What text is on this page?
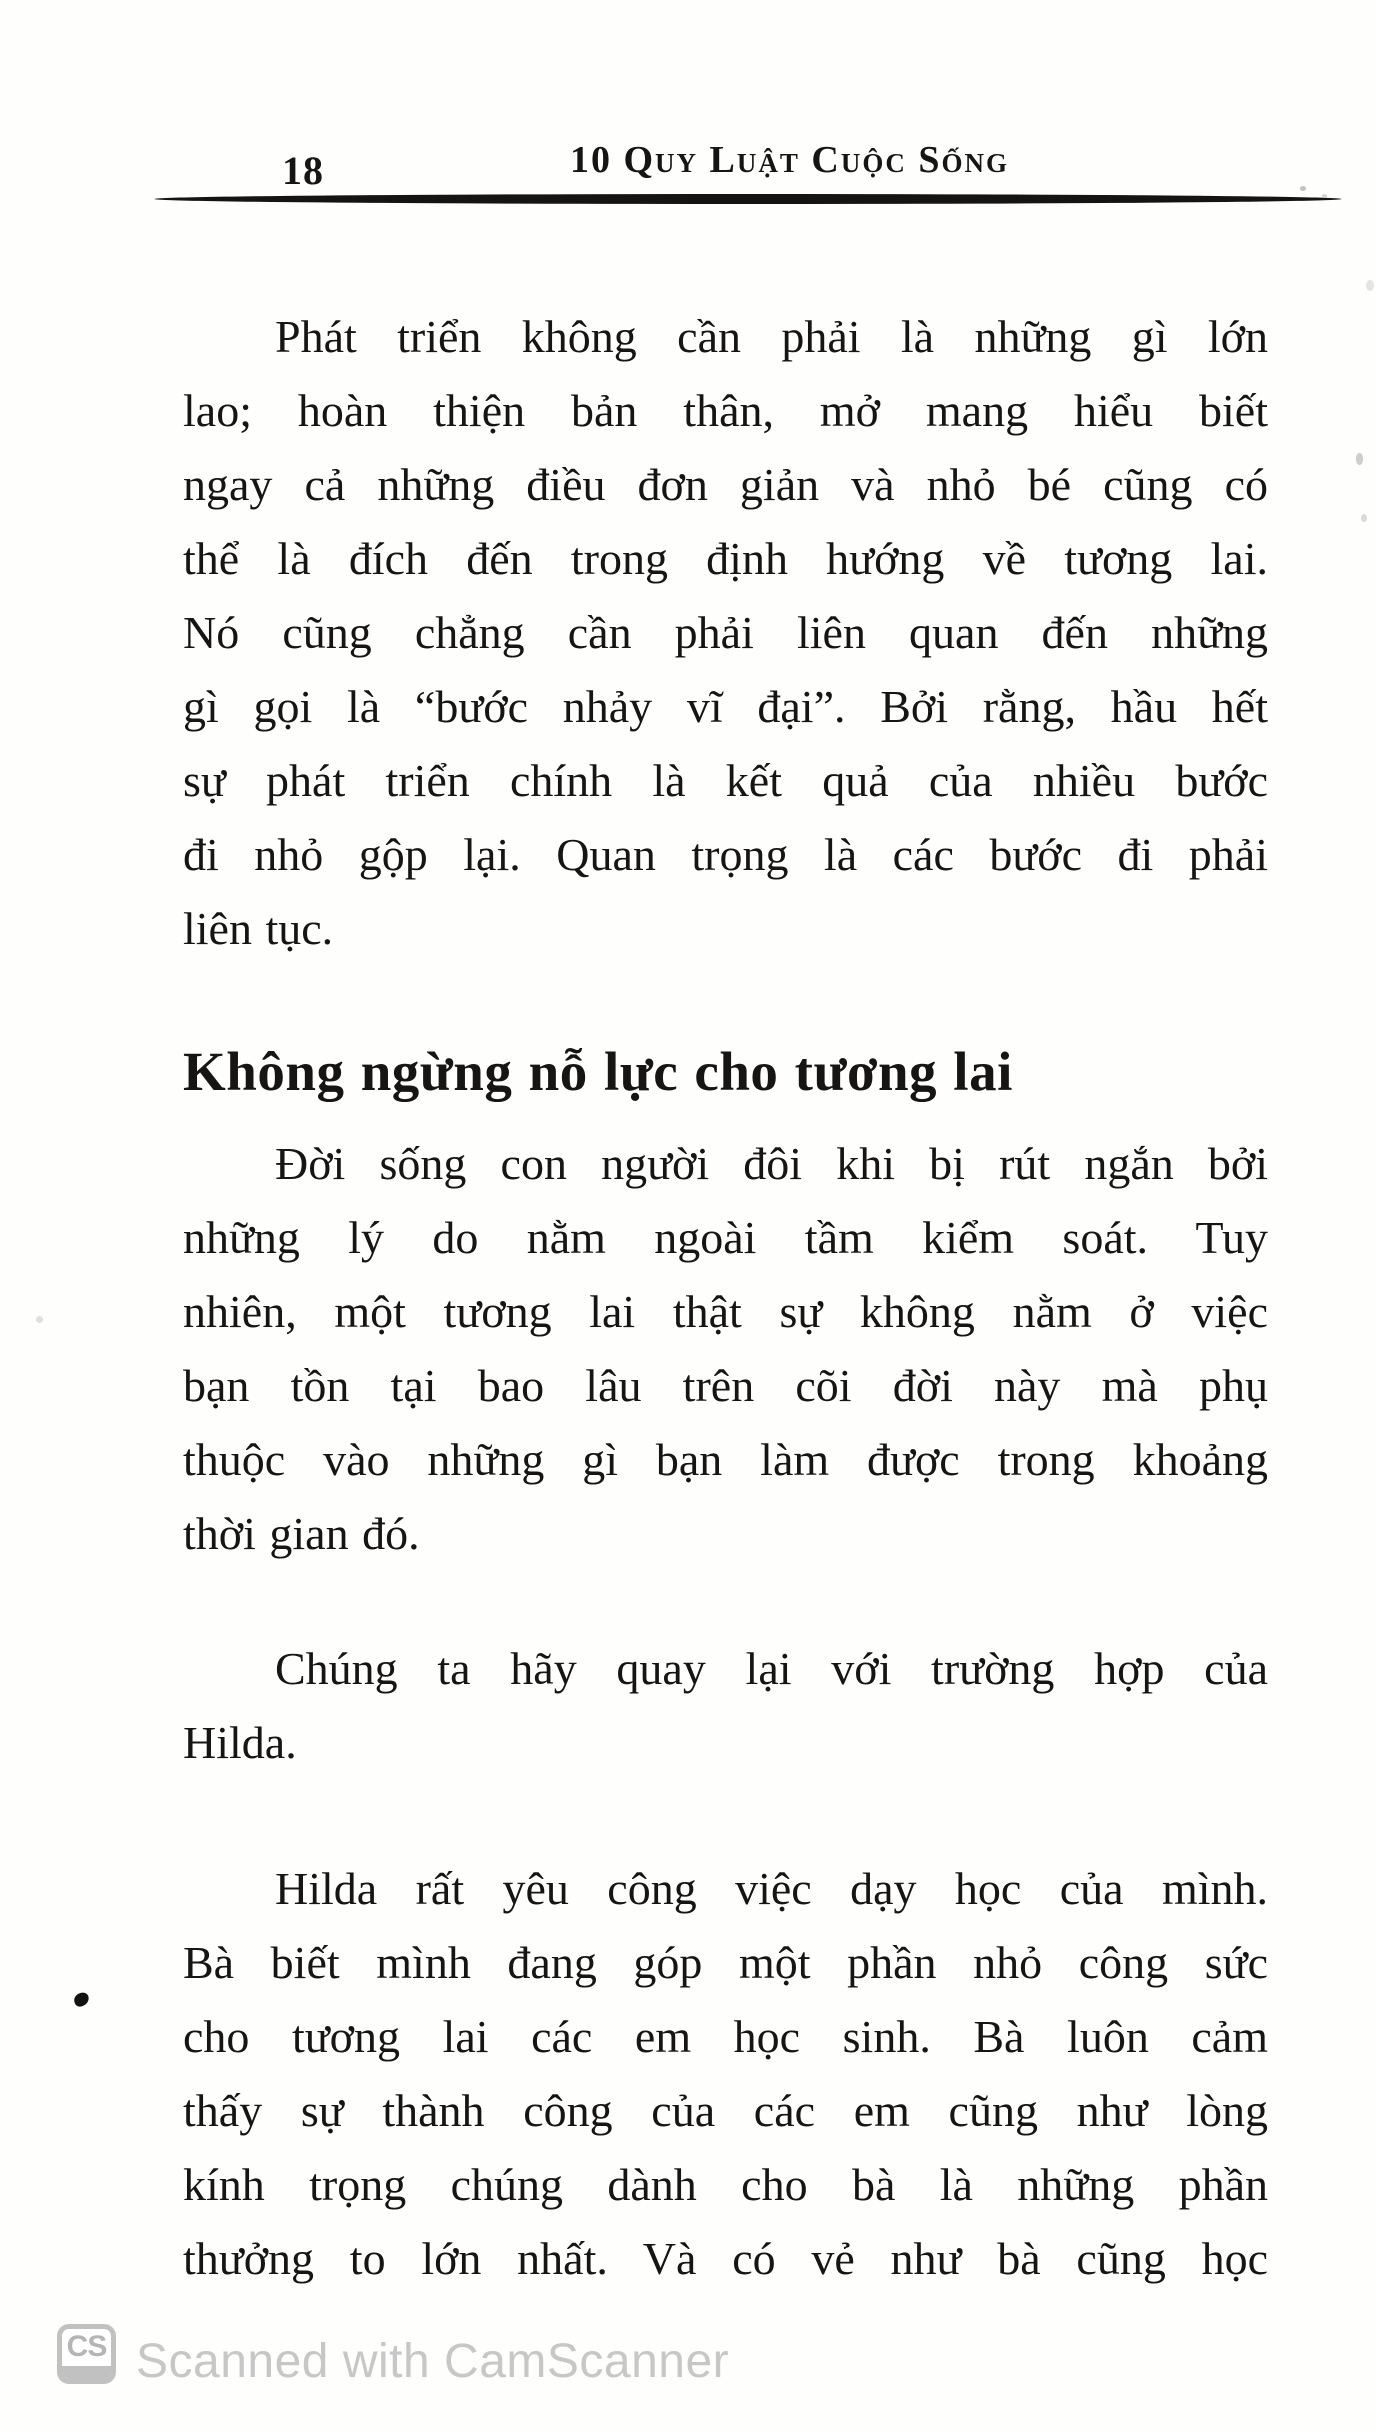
18	10 Quy Luật Cuộc Sống
Phát triển không cần phải là những gì lớn
lao; hoàn thiện bản thân, mở mang hiểu biết
ngay cả những điều đơn giản và nhỏ bé cũng có
thể là đích đến trong định hướng về tương lai.
Nó cũng chẳng cần phải liên quan đến những
gì gọi là “bước nhảy vĩ đại”. Bởi rằng, hầu hết
sự phát triển chính là kết quả của nhiều bước
đi nhỏ gộp lại. Quan trọng là các bước đi phải
liên tục.
Không ngừng nỗ lực cho tương lai
Đời sống con người đôi khi bị rút ngắn bởi
những lý do nằm ngoài tầm kiểm soát. Tuy
nhiên, một tương lai thật sự không nằm ở việc
bạn tồn tại bao lâu trên cõi đời này mà phụ
thuộc vào những gì bạn làm được trong khoảng
thời gian đó.
Chúng ta hãy quay lại với trường hợp của
Hilda.
Hilda rất yêu công việc dạy học của mình.
Bà biết mình đang góp một phần nhỏ công sức
cho tương lai các em học sinh. Bà luôn cảm
thấy sự thành công của các em cũng như lòng
kính trọng chúng dành cho bà là những phần
thưởng to lớn nhất. Và có vẻ như bà cũng học
CS Scanned with CamScanner
